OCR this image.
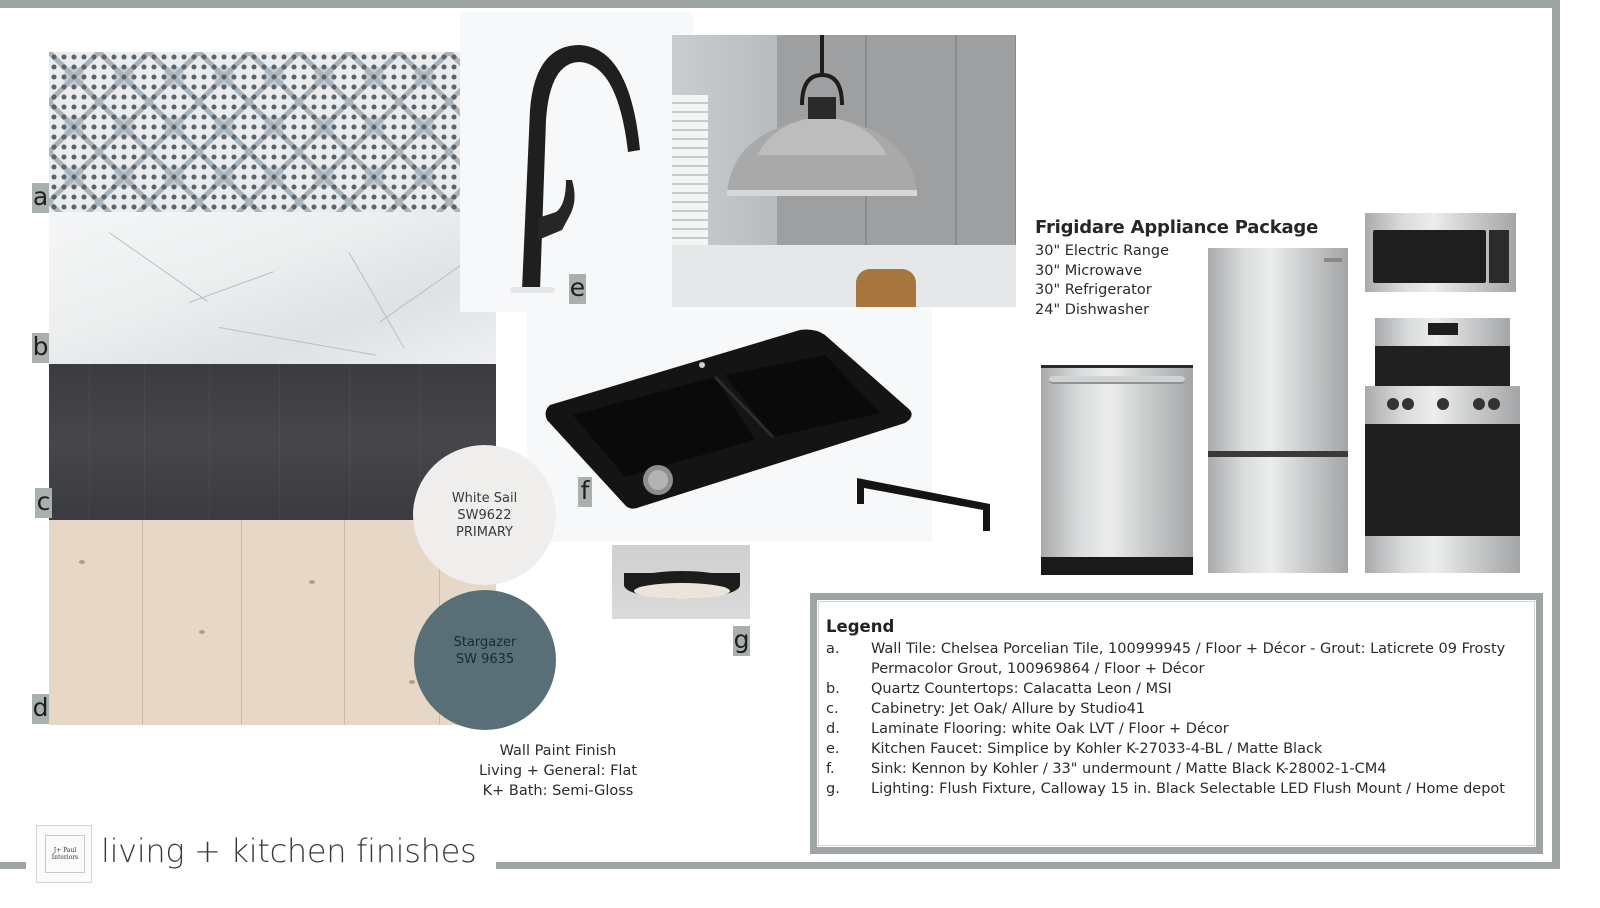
a
b
c
d
e
f
g
White Sail
SW9622
PRIMARY
Stargazer
SW 9635
Wall Paint Finish
Living + General: Flat
K+ Bath: Semi-Gloss
Frigidare Appliance Package
30" Electric Range
30" Microwave
30" Refrigerator
24" Dishwasher
Legend
a.	Wall Tile: Chelsea Porcelian Tile, 100999945 / Floor + Décor - Grout: Laticrete 09 Frosty Permacolor Grout, 100969864 / Floor + Décor
b.	Quartz Countertops: Calacatta Leon / MSI
c.	Cabinetry: Jet Oak/ Allure by Studio41
d.	Laminate Flooring: white Oak LVT / Floor + Décor
e.	Kitchen Faucet: Simplice by Kohler K-27033-4-BL / Matte Black
f.	Sink: Kennon by Kohler / 33" undermount / Matte Black K-28002-1-CM4
g.	Lighting: Flush Fixture, Calloway 15 in. Black Selectable LED Flush Mount / Home depot
J+ Paul
Interiors living + kitchen finishes
